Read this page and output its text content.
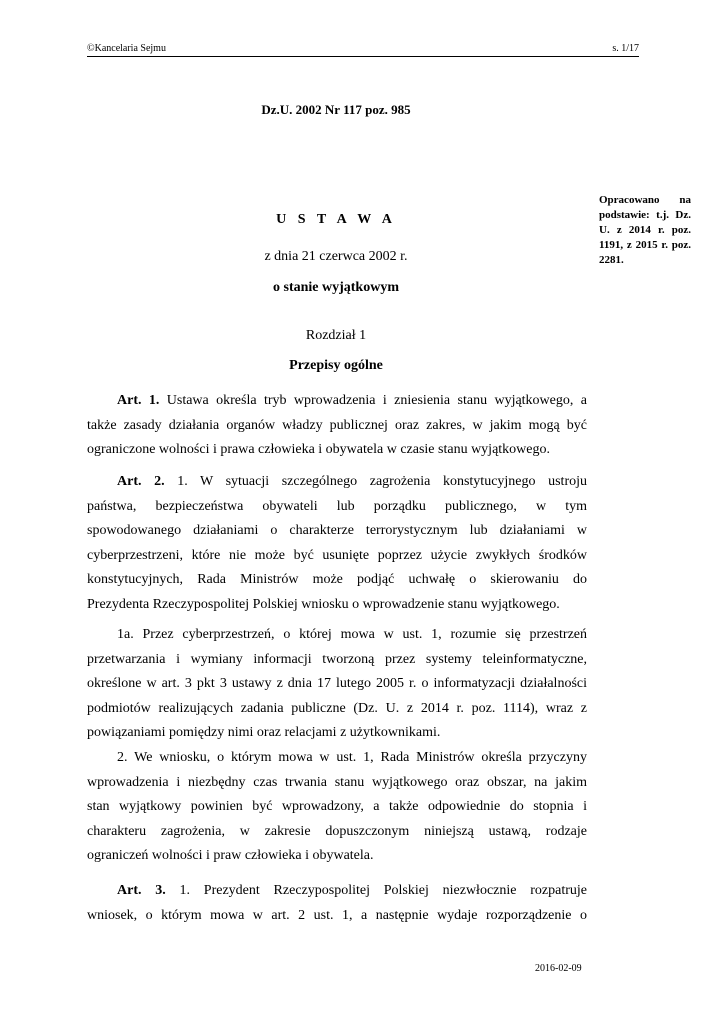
©Kancelaria Sejmu	s. 1/17
Dz.U. 2002 Nr 117 poz. 985
Opracowano na podstawie: t.j. Dz. U. z 2014 r. poz. 1191, z 2015 r. poz. 2281.
U S T A W A
z dnia 21 czerwca 2002 r.
o stanie wyjątkowym
Rozdział 1
Przepisy ogólne
Art. 1. Ustawa określa tryb wprowadzenia i zniesienia stanu wyjątkowego, a
także zasady działania organów władzy publicznej oraz zakres, w jakim mogą być
ograniczone wolności i prawa człowieka i obywatela w czasie stanu wyjątkowego.
Art. 2. 1. W sytuacji szczególnego zagrożenia konstytucyjnego ustroju
państwa, bezpieczeństwa obywateli lub porządku publicznego, w tym
spowodowanego działaniami o charakterze terrorystycznym lub działaniami w
cyberprzestrzeni, które nie może być usunięte poprzez użycie zwykłych środków
konstytucyjnych, Rada Ministrów może podjąć uchwałę o skierowaniu do
Prezydenta Rzeczypospolitej Polskiej wniosku o wprowadzenie stanu wyjątkowego.
1a. Przez cyberprzestrzeń, o której mowa w ust. 1, rozumie się przestrzeń
przetwarzania i wymiany informacji tworzoną przez systemy teleinformatyczne,
określone w art. 3 pkt 3 ustawy z dnia 17 lutego 2005 r. o informatyzacji działalności
podmiotów realizujących zadania publiczne (Dz. U. z 2014 r. poz. 1114), wraz z
powiązaniami pomiędzy nimi oraz relacjami z użytkownikami.
2. We wniosku, o którym mowa w ust. 1, Rada Ministrów określa przyczyny
wprowadzenia i niezbędny czas trwania stanu wyjątkowego oraz obszar, na jakim
stan wyjątkowy powinien być wprowadzony, a także odpowiednie do stopnia i
charakteru zagrożenia, w zakresie dopuszczonym niniejszą ustawą, rodzaje
ograniczeń wolności i praw człowieka i obywatela.
Art. 3. 1. Prezydent Rzeczypospolitej Polskiej niezwłocznie rozpatruje
wniosek, o którym mowa w art. 2 ust. 1, a następnie wydaje rozporządzenie o
2016-02-09
